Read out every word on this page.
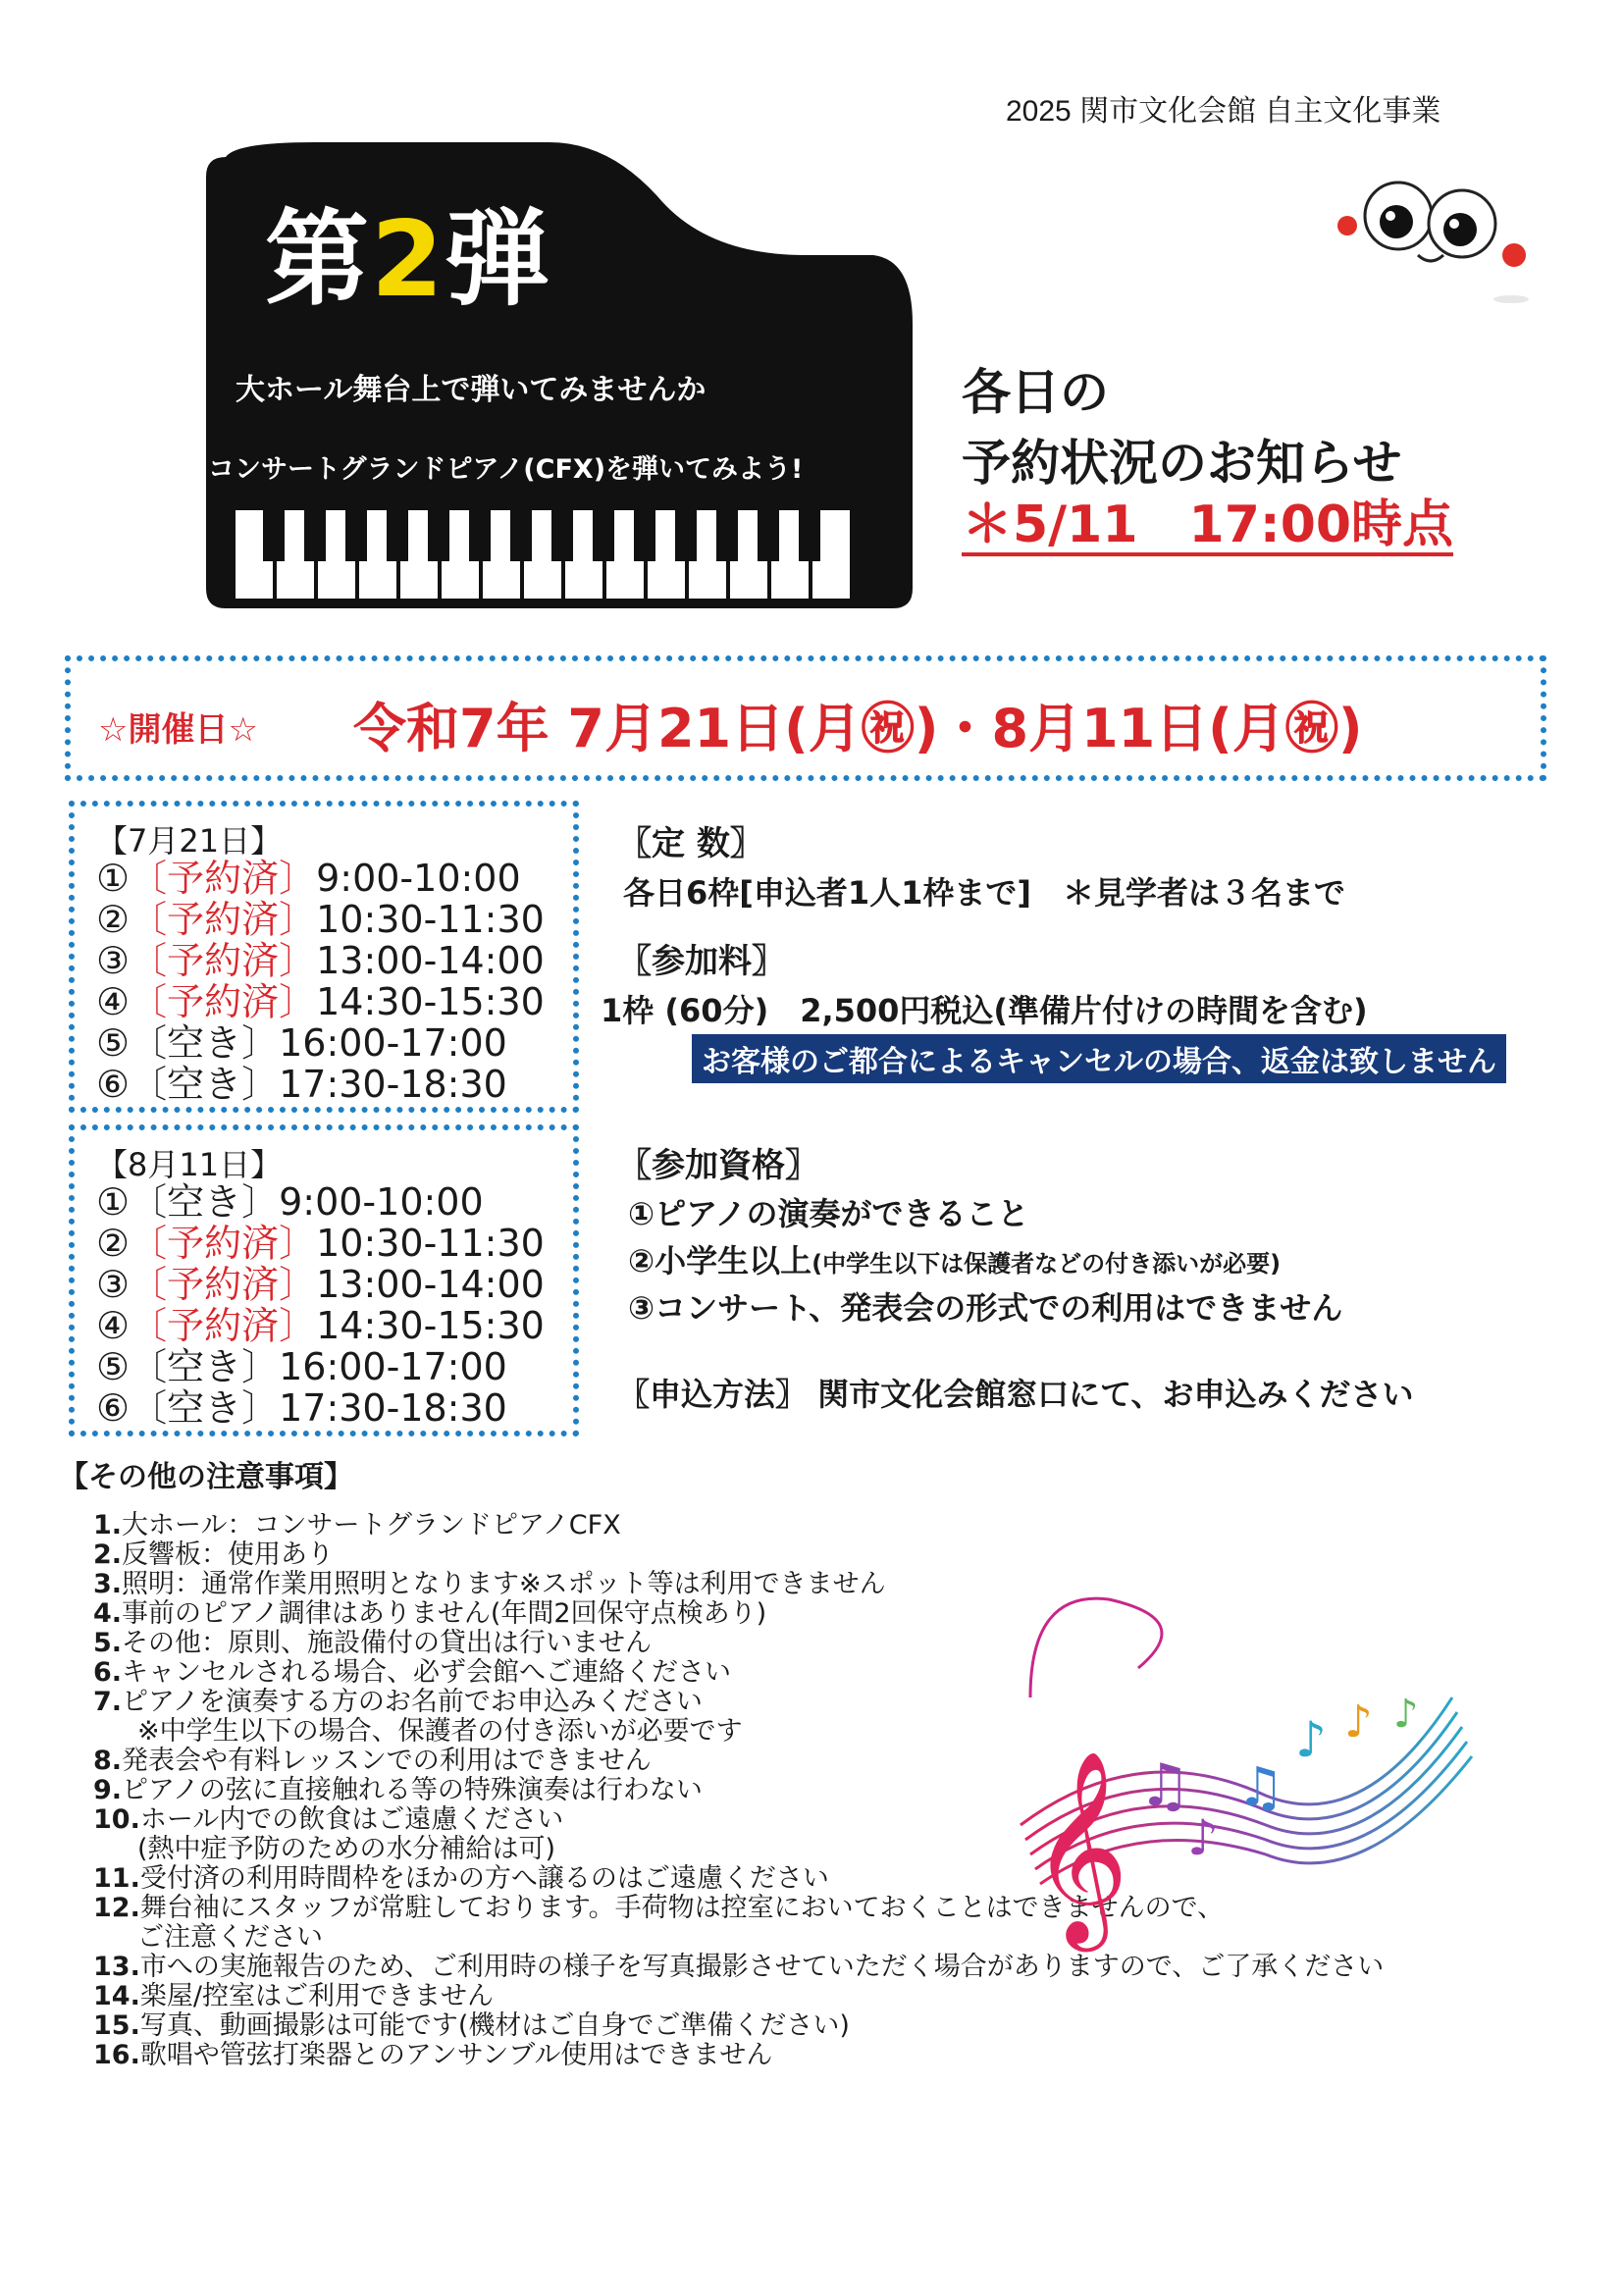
2025 関市文化会館 自主文化事業
第2弾
大ホール舞台上で弾いてみませんか
コンサートグランドピアノ(CFX)を弾いてみよう!
各日の
予約状況のお知らせ
＊5/11　17:00時点
☆開催日☆ 令和7年 7月21日(月㊗)・8月11日(月㊗)
【7月21日】
①〔予約済〕9:00-10:00
②〔予約済〕10:30-11:30
③〔予約済〕13:00-14:00
④〔予約済〕14:30-15:30
⑤〔空き〕16:00-17:00
⑥〔空き〕17:30-18:30
【8月11日】
①〔空き〕9:00-10:00
②〔予約済〕10:30-11:30
③〔予約済〕13:00-14:00
④〔予約済〕14:30-15:30
⑤〔空き〕16:00-17:00
⑥〔空き〕17:30-18:30
〖定 数〗
各日6枠[申込者1人1枠まで]　＊見学者は３名まで
〖参加料〗
1枠 (60分)　2,500円税込(準備片付けの時間を含む)
お客様のご都合によるキャンセルの場合、返金は致しません
〖参加資格〗
①ピアノの演奏ができること
②小学生以上(中学生以下は保護者などの付き添いが必要)
③コンサート、発表会の形式での利用はできません
〖申込方法〗 関市文化会館窓口にて、お申込みください
【その他の注意事項】
1.大ホール：コンサートグランドピアノCFX
2.反響板：使用あり
3.照明：通常作業用照明となります※スポット等は利用できません
4.事前のピアノ調律はありません(年間2回保守点検あり)
5.その他：原則、施設備付の貸出は行いません
6.キャンセルされる場合、必ず会館へご連絡ください
7.ピアノを演奏する方のお名前でお申込みください
※中学生以下の場合、保護者の付き添いが必要です
8.発表会や有料レッスンでの利用はできません
9.ピアノの弦に直接触れる等の特殊演奏は行わない
10.ホール内での飲食はご遠慮ください
(熱中症予防のための水分補給は可)
11.受付済の利用時間枠をほかの方へ譲るのはご遠慮ください
12.舞台袖にスタッフが常駐しております。手荷物は控室においておくことはできませんので、
ご注意ください
13.市への実施報告のため、ご利用時の様子を写真撮影させていただく場合がありますので、ご了承ください
14.楽屋/控室はご利用できません
15.写真、動画撮影は可能です(機材はご自身でご準備ください)
16.歌唱や管弦打楽器とのアンサンブル使用はできません
𝄞 ♫
♪
♫
♪ ♪ ♪
